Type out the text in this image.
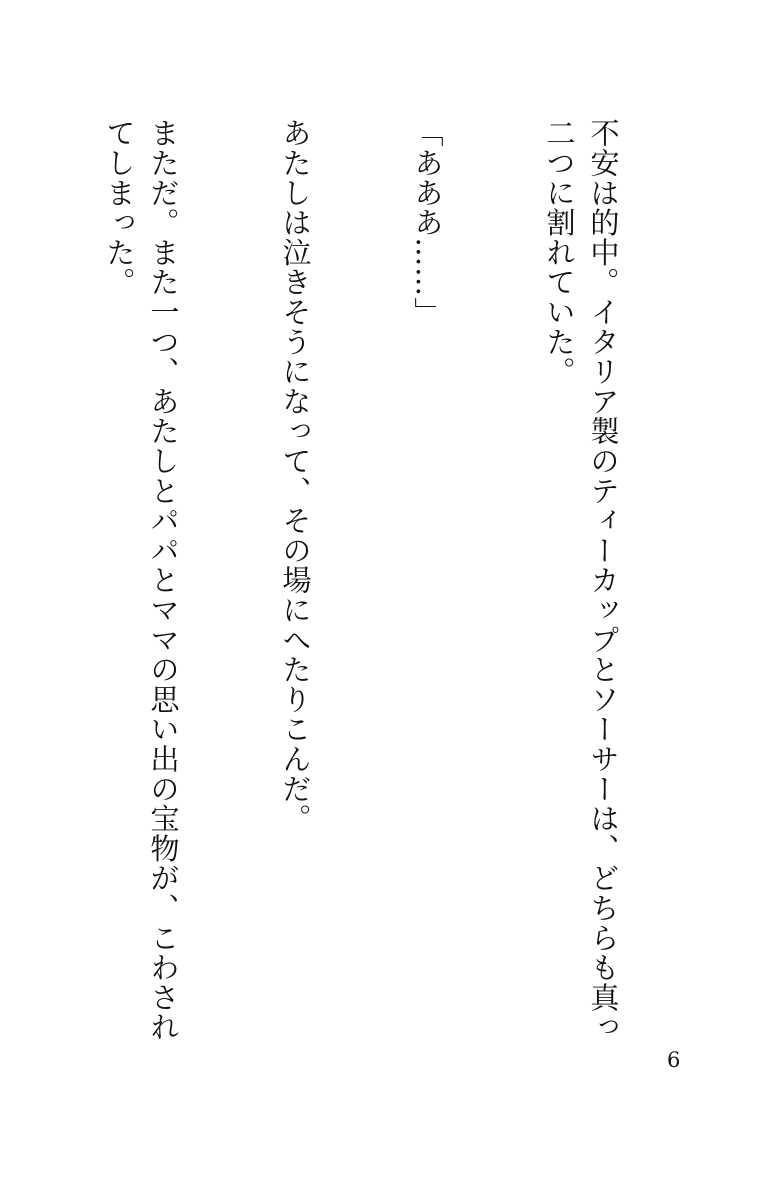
不安は的中。イタリア製のティーカップとソーサーは、どちらも真っ二つに割れていた。

「あああ……」

あたしは泣きそうになって、その場にへたりこんだ。

まただ。また一つ、あたしとパパとママの思い出の宝物が、こわされてしまった。

6
